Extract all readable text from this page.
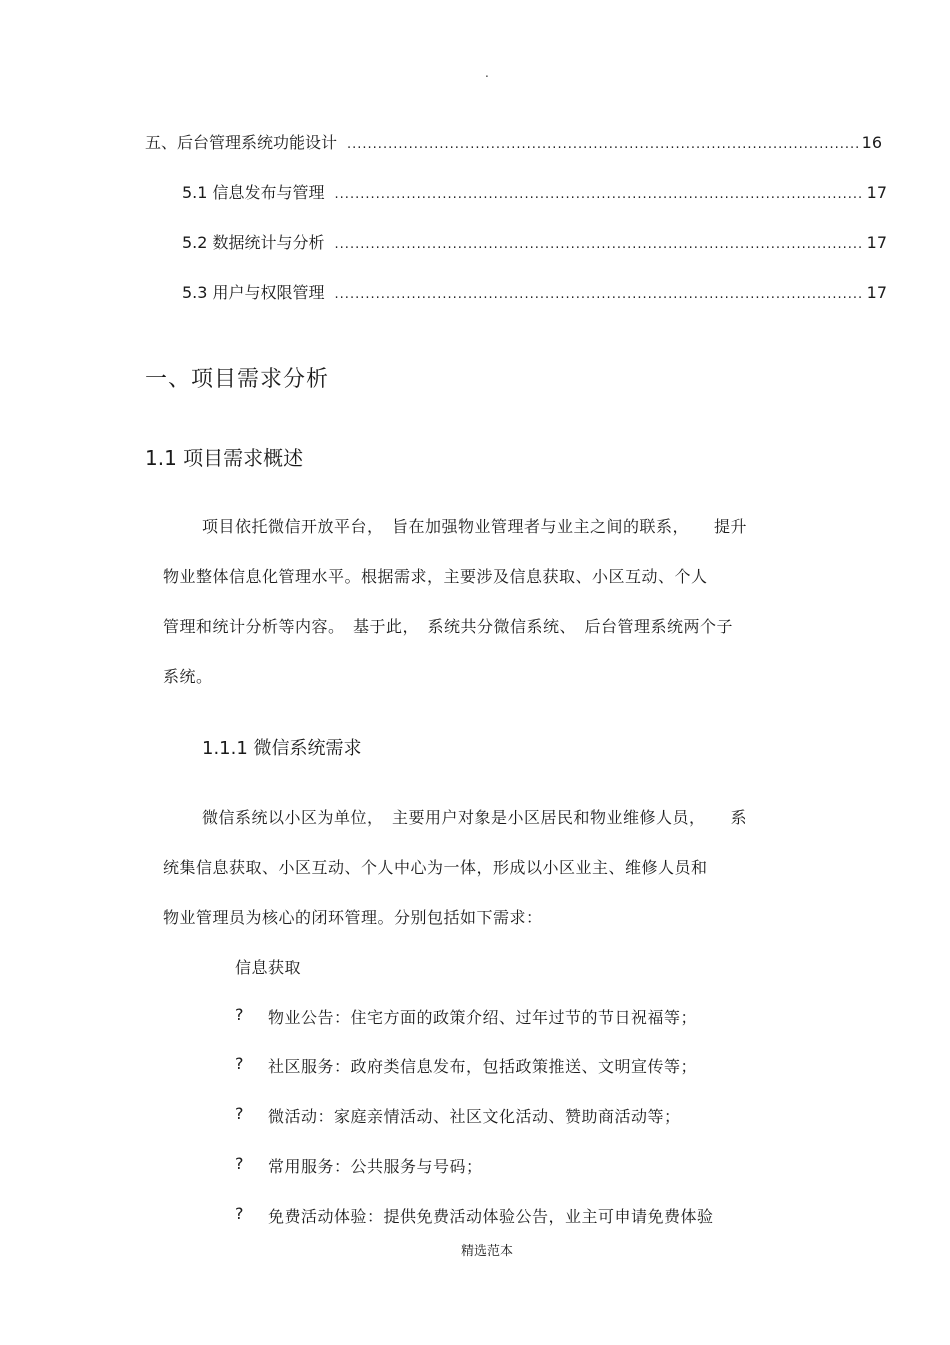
.
五、后台管理系统功能设计 .....	16
5.1 信息发布与管理 .....	17
5.2 数据统计与分析 .....	17
5.3 用户与权限管理 .....	17
一、项目需求分析
1.1 项目需求概述
项目依托微信开放平台，　旨在加强物业管理者与业主之间的联系，　　提升
物业整体信息化管理水平。根据需求，主要涉及信息获取、小区互动、个人
管理和统计分析等内容。　基于此，　系统共分微信系统、　后台管理系统两个子
系统。
1.1.1 微信系统需求
微信系统以小区为单位，　主要用户对象是小区居民和物业维修人员，　　系
统集信息获取、小区互动、个人中心为一体，形成以小区业主、维修人员和
物业管理员为核心的闭环管理。分别包括如下需求：
信息获取
? 物业公告：住宅方面的政策介绍、过年过节的节日祝福等；
? 社区服务：政府类信息发布，包括政策推送、文明宣传等；
? 微活动：家庭亲情活动、社区文化活动、赞助商活动等；
? 常用服务：公共服务与号码；
? 免费活动体验：提供免费活动体验公告，业主可申请免费体验
精选范本
